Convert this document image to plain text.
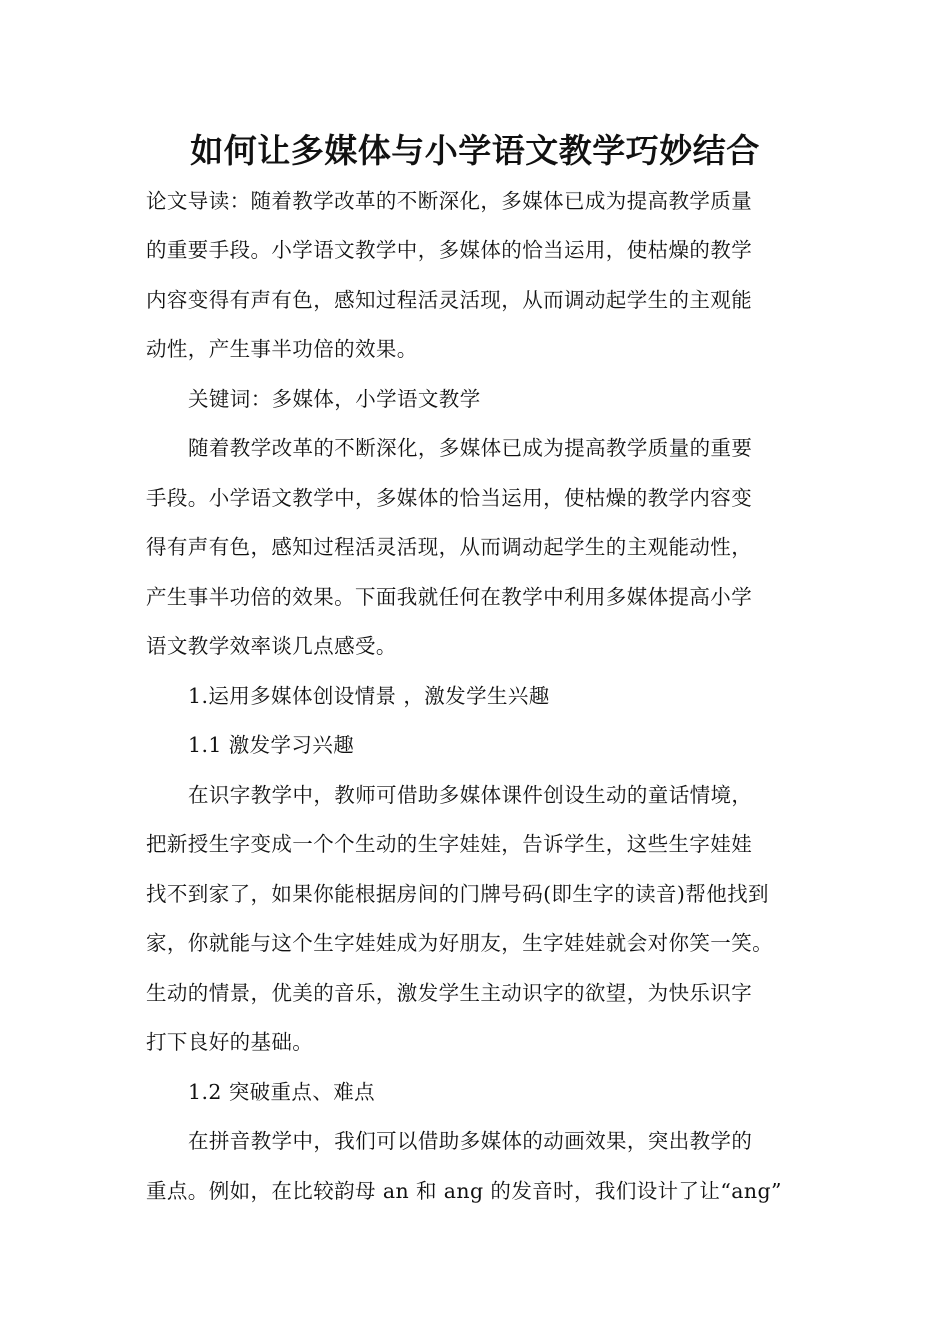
如何让多媒体与小学语文教学巧妙结合
论文导读：随着教学改革的不断深化，多媒体已成为提高教学质量
的重要手段。小学语文教学中，多媒体的恰当运用，使枯燥的教学
内容变得有声有色，感知过程活灵活现，从而调动起学生的主观能
动性，产生事半功倍的效果。
关键词：多媒体，小学语文教学
随着教学改革的不断深化，多媒体已成为提高教学质量的重要
手段。小学语文教学中，多媒体的恰当运用，使枯燥的教学内容变
得有声有色，感知过程活灵活现，从而调动起学生的主观能动性，
产生事半功倍的效果。下面我就任何在教学中利用多媒体提高小学
语文教学效率谈几点感受。
1.运用多媒体创设情景 ，激发学生兴趣
1.1 激发学习兴趣
在识字教学中，教师可借助多媒体课件创设生动的童话情境，
把新授生字变成一个个生动的生字娃娃，告诉学生，这些生字娃娃
找不到家了，如果你能根据房间的门牌号码(即生字的读音)帮他找到
家，你就能与这个生字娃娃成为好朋友，生字娃娃就会对你笑一笑。
生动的情景，优美的音乐，激发学生主动识字的欲望，为快乐识字
打下良好的基础。
1.2 突破重点、难点
在拼音教学中，我们可以借助多媒体的动画效果，突出教学的
重点。例如，在比较韵母 an 和 ang 的发音时，我们设计了让“ang”
